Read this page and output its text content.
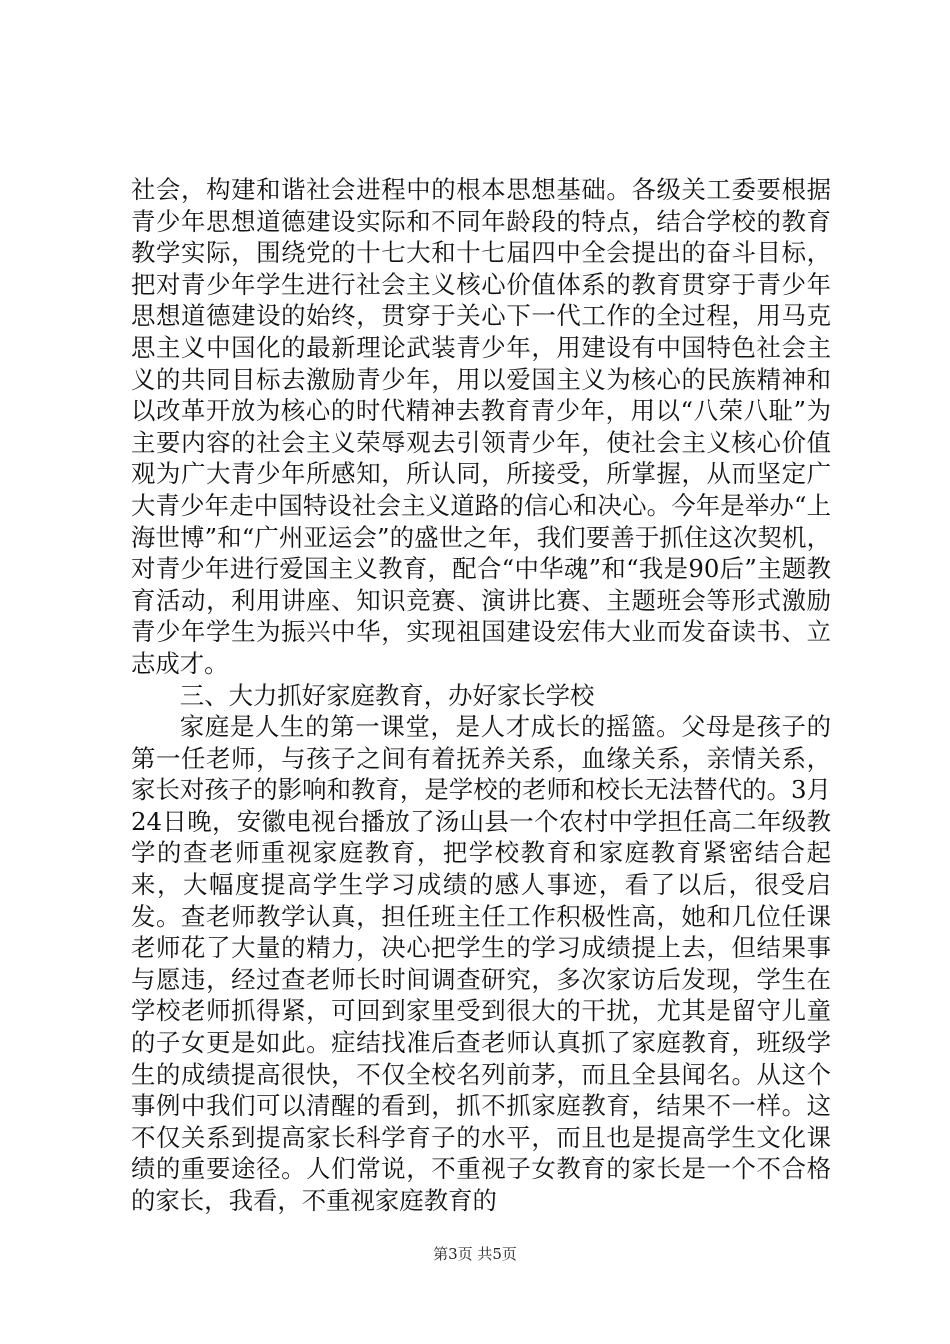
社会，构建和谐社会进程中的根本思想基础。各级关工委要根据青少年思想道德建设实际和不同年龄段的特点，结合学校的教育教学实际，围绕党的十七大和十七届四中全会提出的奋斗目标，把对青少年学生进行社会主义核心价值体系的教育贯穿于青少年思想道德建设的始终，贯穿于关心下一代工作的全过程，用马克思主义中国化的最新理论武装青少年，用建设有中国特色社会主义的共同目标去激励青少年，用以爱国主义为核心的民族精神和以改革开放为核心的时代精神去教育青少年，用以“八荣八耻”为主要内容的社会主义荣辱观去引领青少年，使社会主义核心价值观为广大青少年所感知，所认同，所接受，所掌握，从而坚定广大青少年走中国特设社会主义道路的信心和决心。今年是举办“上海世博”和“广州亚运会”的盛世之年，我们要善于抓住这次契机，对青少年进行爱国主义教育，配合“中华魂”和“我是90后”主题教育活动，利用讲座、知识竞赛、演讲比赛、主题班会等形式激励青少年学生为振兴中华，实现祖国建设宏伟大业而发奋读书、立志成才。

三、大力抓好家庭教育，办好家长学校

家庭是人生的第一课堂，是人才成长的摇篮。父母是孩子的第一任老师，与孩子之间有着抚养关系，血缘关系，亲情关系，家长对孩子的影响和教育，是学校的老师和校长无法替代的。3月24日晚，安徽电视台播放了汤山县一个农村中学担任高二年级教学的查老师重视家庭教育，把学校教育和家庭教育紧密结合起来，大幅度提高学生学习成绩的感人事迹，看了以后，很受启发。查老师教学认真，担任班主任工作积极性高，她和几位任课老师花了大量的精力，决心把学生的学习成绩提上去，但结果事与愿违，经过查老师长时间调查研究，多次家访后发现，学生在学校老师抓得紧，可回到家里受到很大的干扰，尤其是留守儿童的子女更是如此。症结找准后查老师认真抓了家庭教育，班级学生的成绩提高很快，不仅全校名列前茅，而且全县闻名。从这个事例中我们可以清醒的看到，抓不抓家庭教育，结果不一样。这不仅关系到提高家长科学育子的水平，而且也是提高学生文化课绩的重要途径。人们常说，不重视子女教育的家长是一个不合格的家长，我看，不重视家庭教育的

第3页 共5页
